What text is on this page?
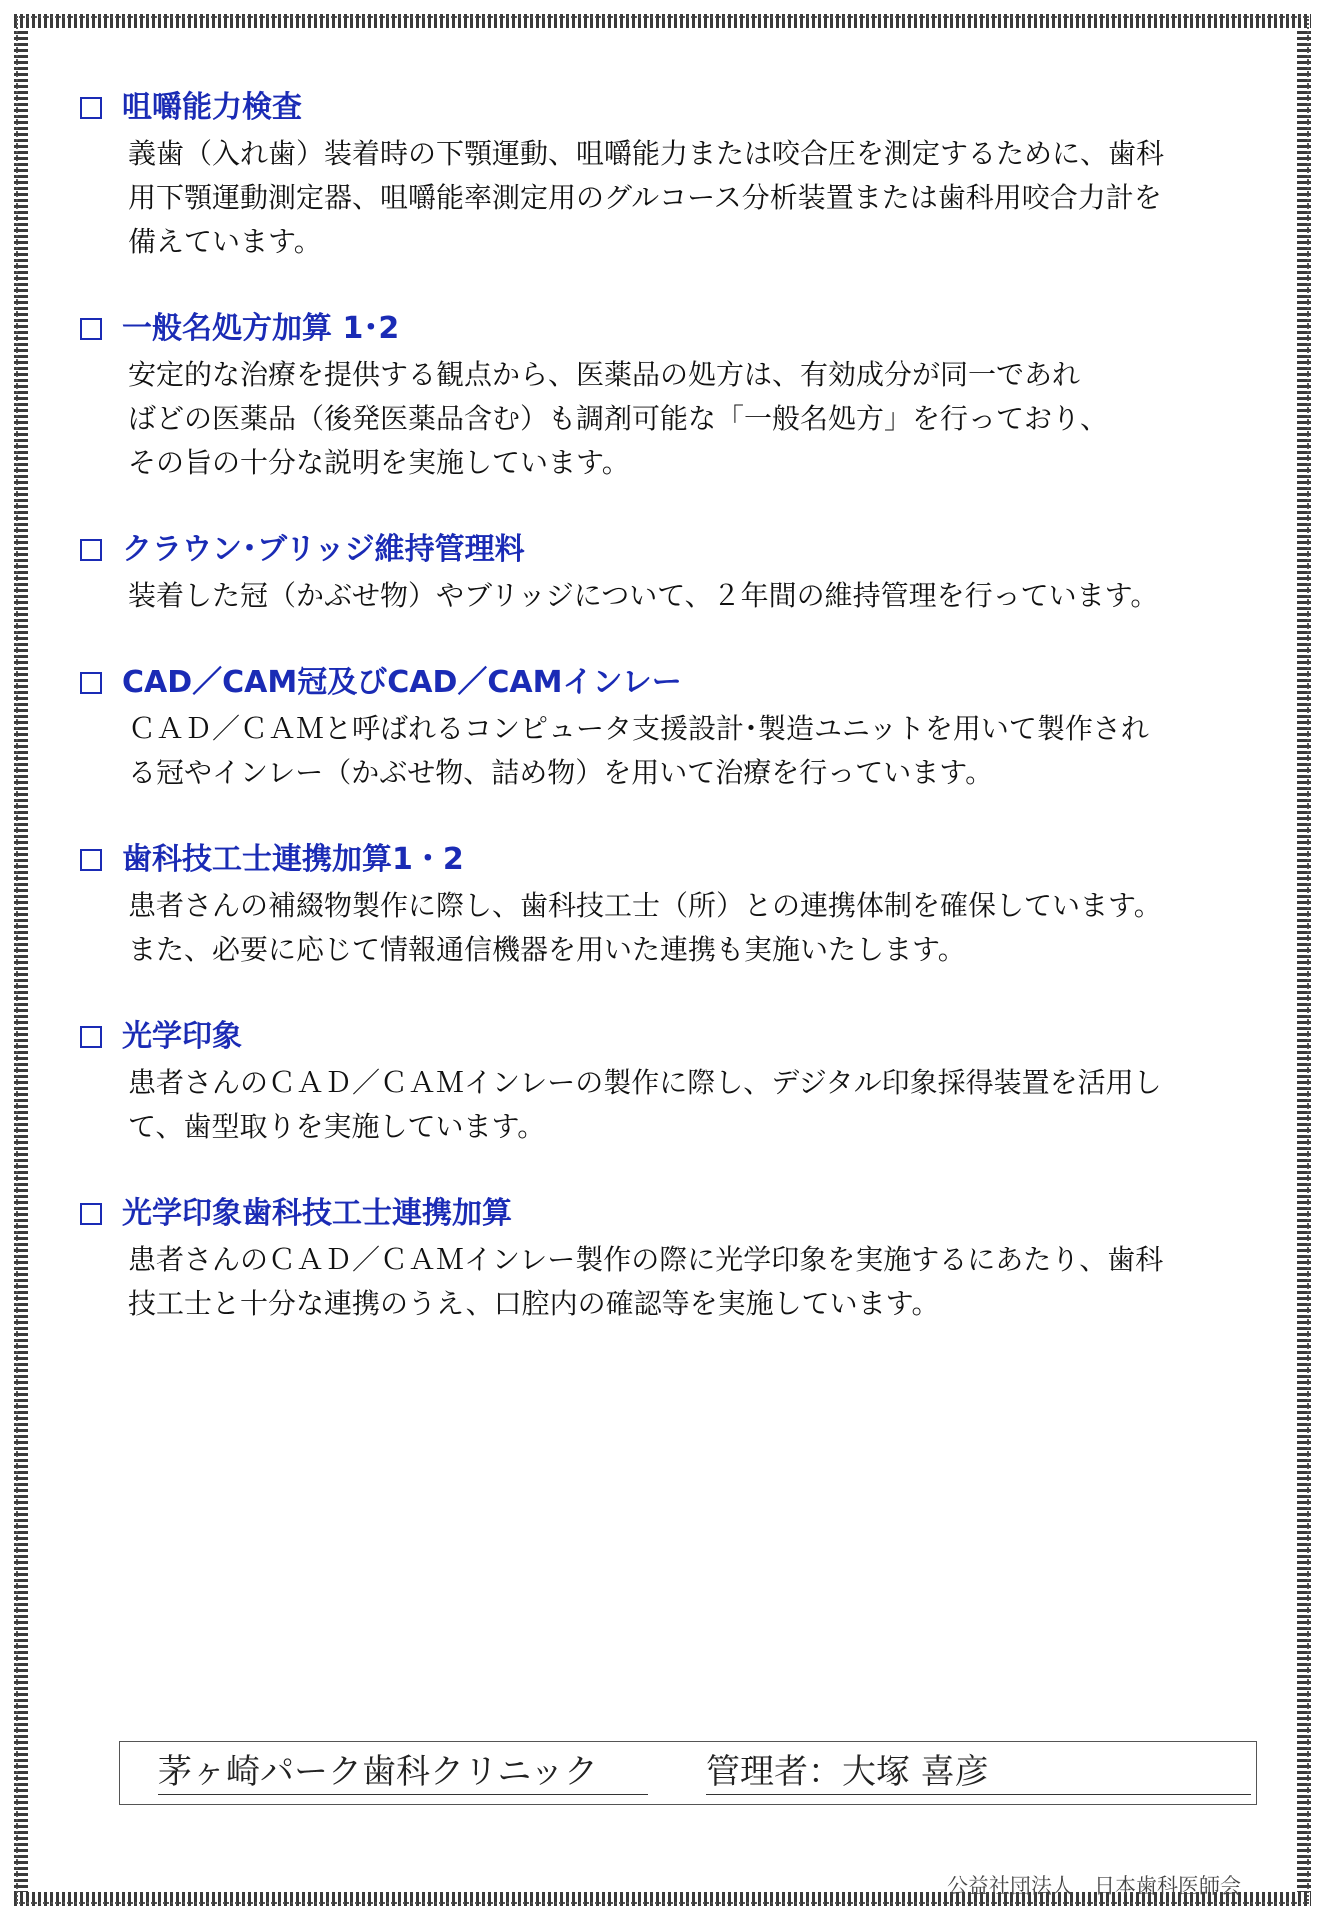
咀嚼能力検査
義歯（入れ歯）装着時の下顎運動、咀嚼能力または咬合圧を測定するために、歯科
用下顎運動測定器、咀嚼能率測定用のグルコース分析装置または歯科用咬合力計を
備えています。
一般名処方加算 1･2
安定的な治療を提供する観点から、医薬品の処方は、有効成分が同一であれ
ばどの医薬品（後発医薬品含む）も調剤可能な「一般名処方」を行っており、
その旨の十分な説明を実施しています。
クラウン･ブリッジ維持管理料
装着した冠（かぶせ物）やブリッジについて、２年間の維持管理を行っています。
CAD／CAM冠及びCAD／CAMインレー
ＣＡＤ／ＣＡＭと呼ばれるコンピュータ支援設計･製造ユニットを用いて製作され
る冠やインレー（かぶせ物、詰め物）を用いて治療を行っています。
歯科技工士連携加算1・2
患者さんの補綴物製作に際し、歯科技工士（所）との連携体制を確保しています。
また、必要に応じて情報通信機器を用いた連携も実施いたします。
光学印象
患者さんのＣＡＤ／ＣＡＭインレーの製作に際し、デジタル印象採得装置を活用し
て、歯型取りを実施しています。
光学印象歯科技工士連携加算
患者さんのＣＡＤ／ＣＡＭインレー製作の際に光学印象を実施するにあたり、歯科
技工士と十分な連携のうえ、口腔内の確認等を実施しています。
茅ヶ崎パーク歯科クリニック	管理者：大塚 喜彦
公益社団法人　日本歯科医師会
